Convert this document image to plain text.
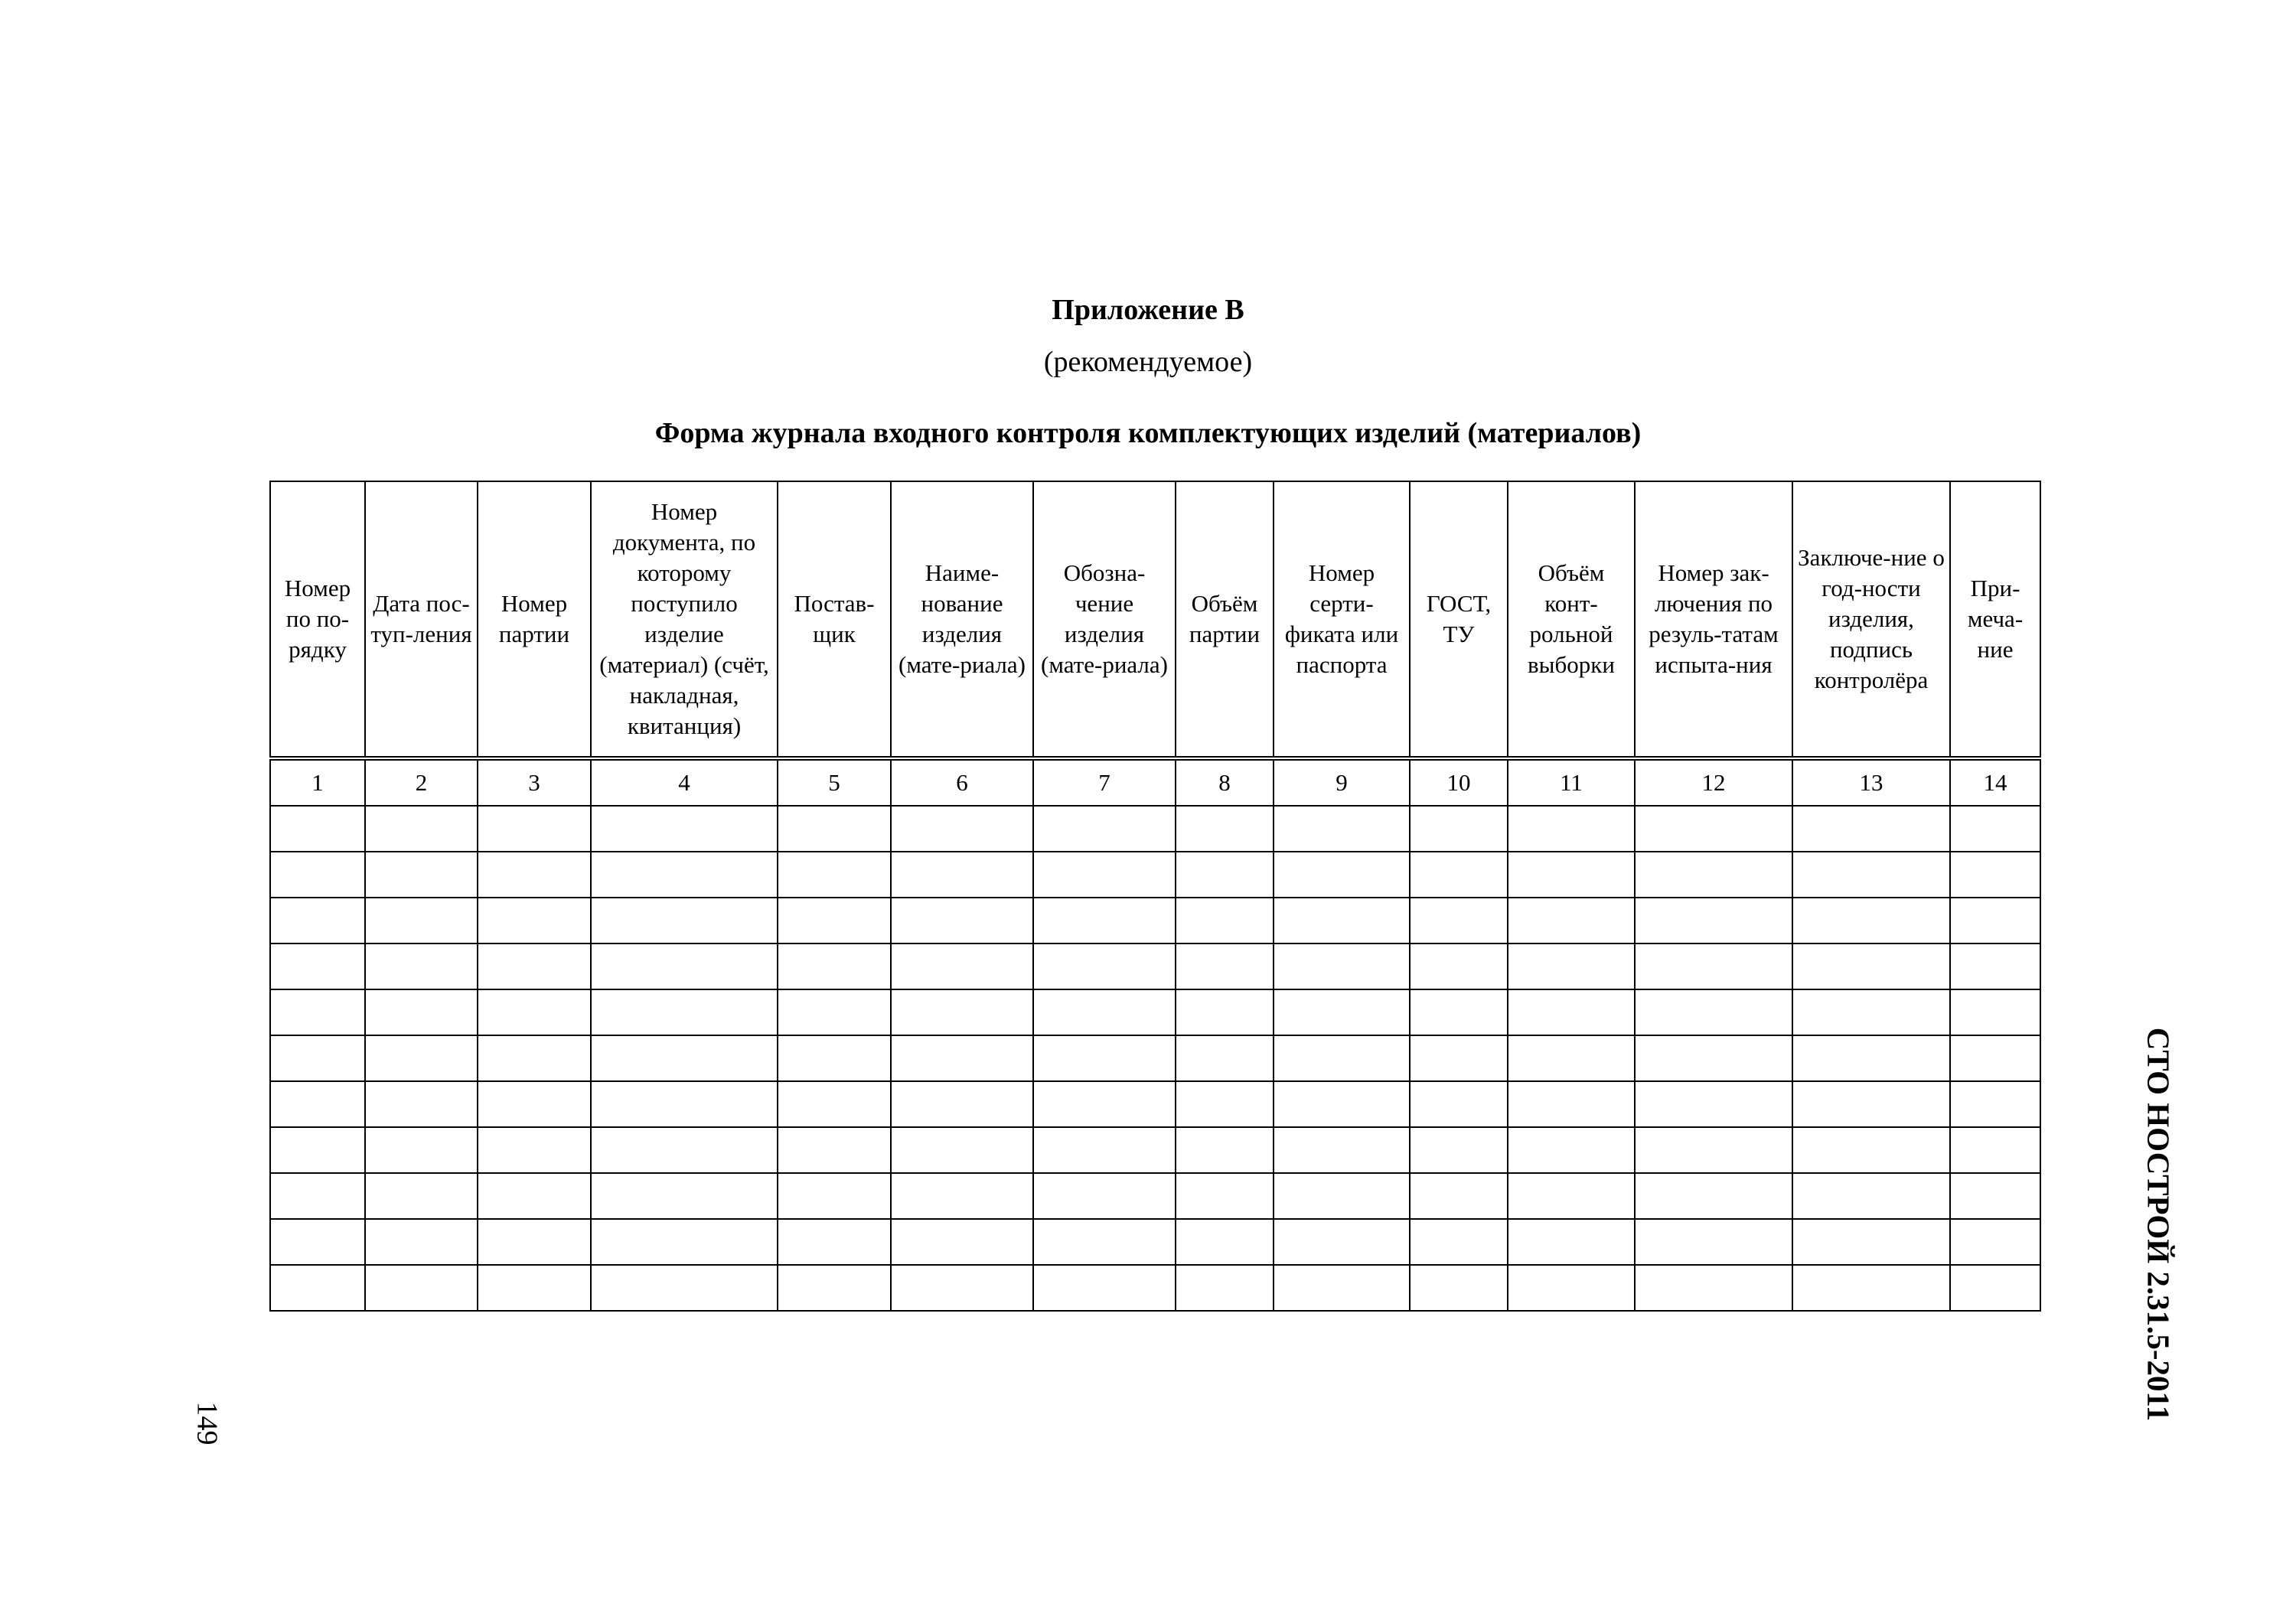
Приложение В
(рекомендуемое)
Форма журнала входного контроля комплектующих изделий (материалов)
Номер по по-рядку	Дата пос-туп-ления	Номер партии	Номер документа, по которому поступило изделие (материал) (счёт, накладная, квитанция)	Постав-щик	Наиме-нование изделия (мате-риала)	Обозна-чение изделия (мате-риала)	Объём партии	Номер серти-фиката или паспорта	ГОСТ, ТУ	Объём конт-рольной выборки	Номер зак-лючения по резуль-татам испыта-ния	Заключе-ние о год-ности изделия, подпись контролёра	При-меча-ние
1	2	3	4	5	6	7	8	9	10	11	12	13	14

СТО НОСТРОЙ 2.31.5-2011
149
